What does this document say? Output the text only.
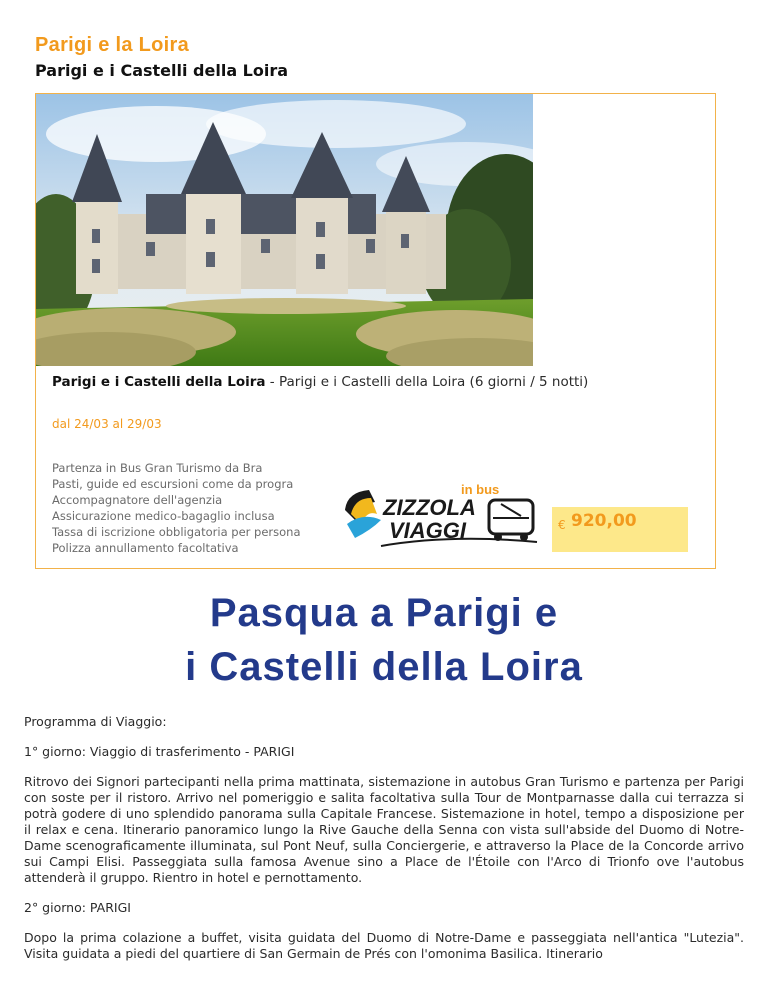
Parigi e la Loira
Parigi e i Castelli della Loira
Parigi e i Castelli della Loira - Parigi e i Castelli della Loira (6 giorni / 5 notti)
dal 24/03 al 29/03
Partenza in Bus Gran Turismo da Bra
Pasti, guide ed escursioni come da progra
Accompagnatore dell'agenzia
Assicurazione medico-bagaglio inclusa
Tassa di iscrizione obbligatoria per persona
Polizza annullamento facoltativa
in bus
ZIZZOLA
VIAGGI	€ 920,00
Pasqua a Parigi e
i Castelli della Loira

Programma di Viaggio:

1° giorno: Viaggio di trasferimento - PARIGI

Ritrovo dei Signori partecipanti nella prima mattinata, sistemazione in autobus Gran Turismo e partenza per Parigi con soste per il ristoro. Arrivo nel pomeriggio e salita facoltativa sulla Tour de Montparnasse dalla cui terrazza si potrà godere di uno splendido panorama sulla Capitale Francese. Sistemazione in hotel, tempo a disposizione per il relax e cena. Itinerario panoramico lungo la Rive Gauche della Senna con vista sull'abside del Duomo di Notre-Dame scenograficamente illuminata, sul Pont Neuf, sulla Conciergerie, e attraverso la Place de la Concorde arrivo sui Campi Elisi. Passeggiata sulla famosa Avenue sino a Place de l'Étoile con l'Arco di Trionfo ove l'autobus attenderà il gruppo. Rientro in hotel e pernottamento.

2° giorno: PARIGI

Dopo la prima colazione a buffet, visita guidata del Duomo di Notre-Dame e passeggiata nell'antica "Lutezia". Visita guidata a piedi del quartiere di San Germain de Prés con l'omonima Basilica. Itinerario
